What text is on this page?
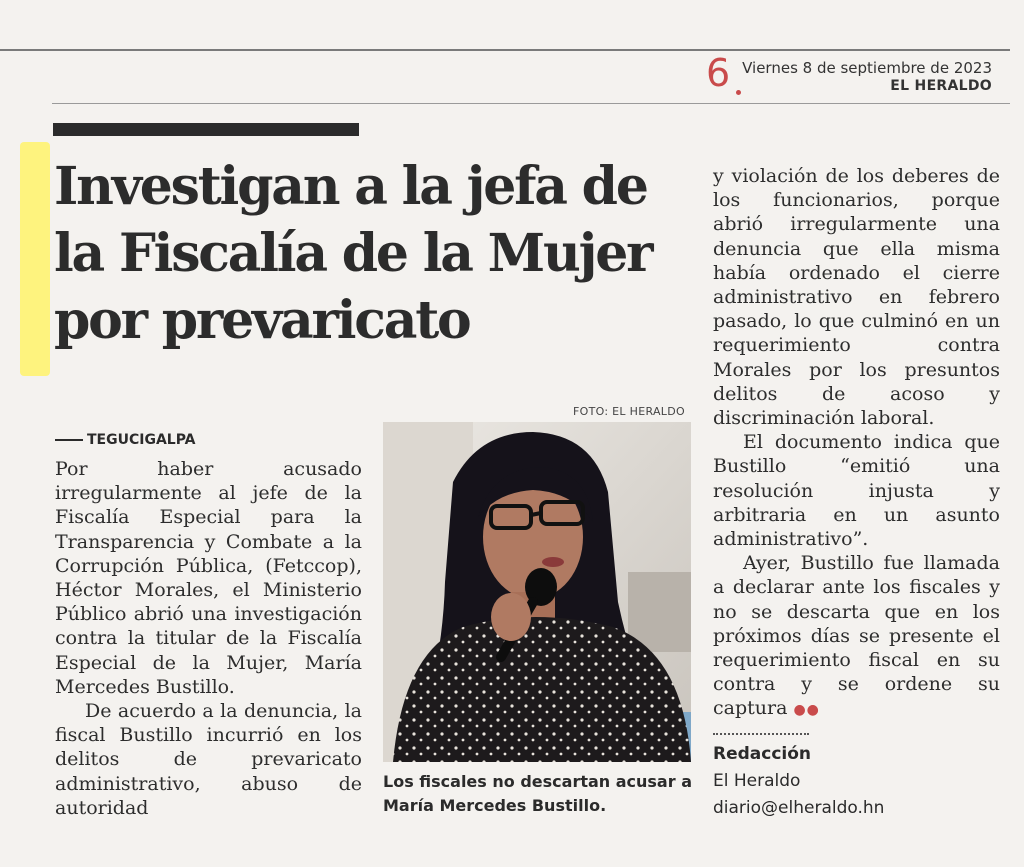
6 Viernes 8 de septiembre de 2023
EL HERALDO
Investigan a la jefa de
la Fiscalía de la Mujer
por prevaricato
TEGUCIGALPA

Por haber acusado irregularmente al jefe de la Fiscalía Especial para la Transparencia y Combate a la Corrupción Pública, (Fetccop), Héctor Morales, el Ministerio Público abrió una investigación contra la titular de la Fiscalía Especial de la Mujer, María Mercedes Bustillo.

De acuerdo a la denuncia, la fiscal Bustillo incurrió en los delitos de prevaricato administrativo, abuso de autoridad

FOTO: EL HERALDO

Los fiscales no descartan acusar a María Mercedes Bustillo.

y violación de los deberes de los funcionarios, porque abrió irregularmente una denuncia que ella misma había ordenado el cierre administrativo en febrero pasado, lo que culminó en un requerimiento contra Morales por los presuntos delitos de acoso y discriminación laboral.

El documento indica que Bustillo “emitió una resolución injusta y arbitraria en un asunto administrativo”.

Ayer, Bustillo fue llamada a declarar ante los fiscales y no se descarta que en los próximos días se presente el requerimiento fiscal en su contra y se ordene su captura ●●

Redacción
El Heraldo
diario@elheraldo.hn
